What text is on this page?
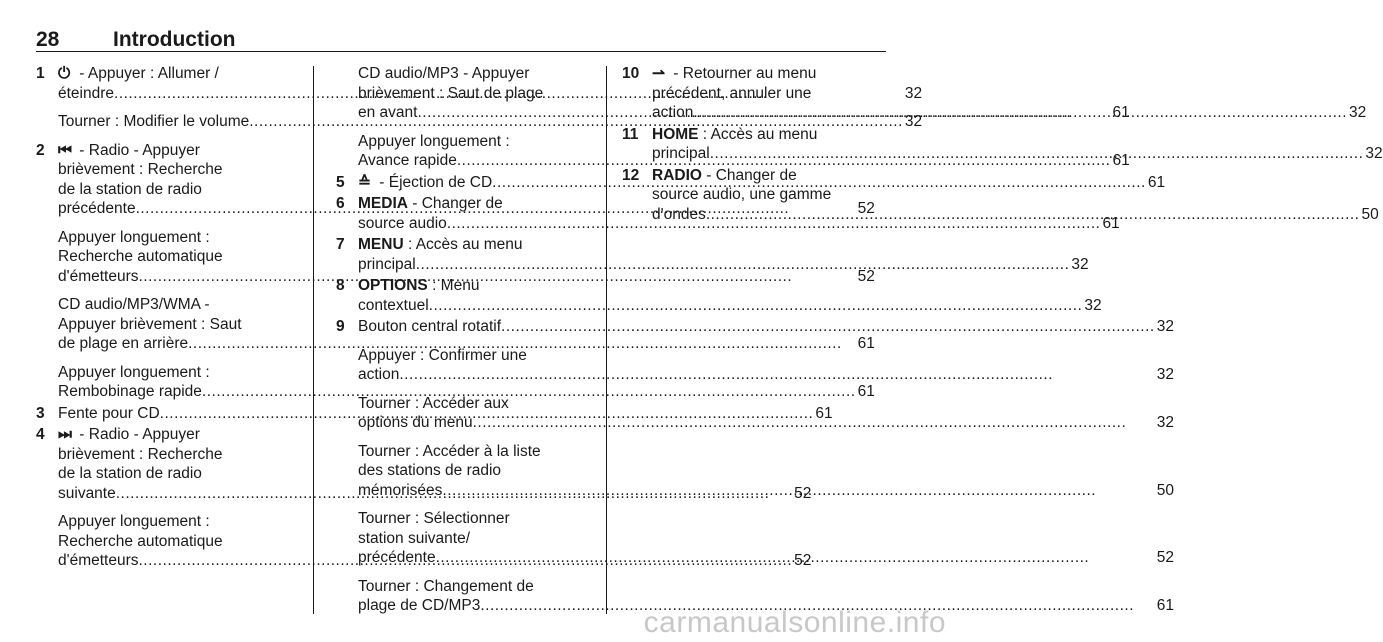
28	Introduction
1 ⏻ - Appuyer : Allumer /
éteindre .....	32
Tourner : Modifier le volume .....	32
2 ⏮ - Radio - Appuyer
brièvement : Recherche
de la station de radio
précédente .....	52
Appuyer longuement :
Recherche automatique
d'émetteurs .....	52
CD audio/MP3/WMA -
Appuyer brièvement : Saut
de plage en arrière .....	61
Appuyer longuement :
Rembobinage rapide .....	61
3 Fente pour CD .....	61
4 ⏭ - Radio - Appuyer
brièvement : Recherche
de la station de radio
suivante .....	52
Appuyer longuement :
Recherche automatique
d'émetteurs .....	52
CD audio/MP3 - Appuyer
brièvement : Saut de plage
en avant .....	61
Appuyer longuement :
Avance rapide .....	61
5 ≙ - Éjection de CD .....	61
6 MEDIA - Changer de
source audio .....	61
7 MENU : Accès au menu
principal .....	32
8 OPTIONS : Menu
contextuel .....	32
9 Bouton central rotatif .....	32
Appuyer : Confirmer une
action .....	32
Tourner : Accéder aux
options du menu .....	32
Tourner : Accéder à la liste
des stations de radio
mémorisées .....	50
Tourner : Sélectionner
station suivante/
précédente .....	52
Tourner : Changement de
plage de CD/MP3 .....	61
10 ⇀ - Retourner au menu
précédent, annuler une
action .....	32
11 HOME : Accès au menu
principal .....	32
12 RADIO - Changer de
source audio, une gamme
d'ondes .....	50
carmanualsonline.info
